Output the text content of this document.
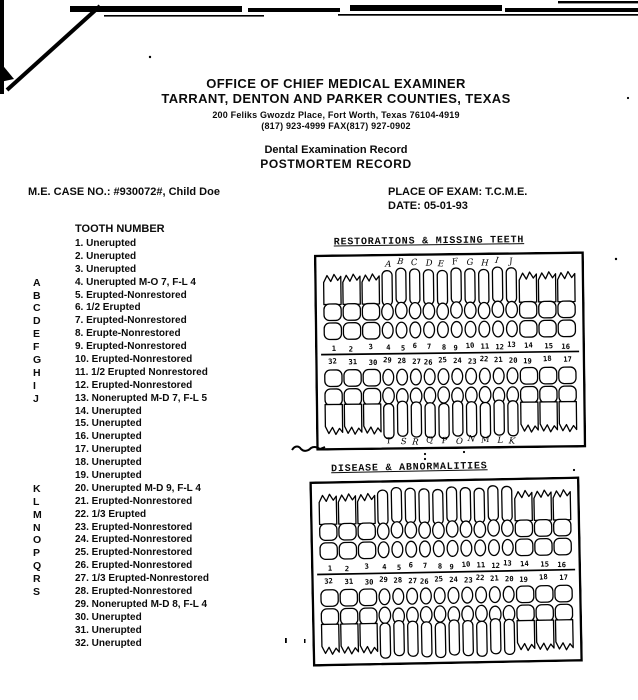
OFFICE OF CHIEF MEDICAL EXAMINER
TARRANT, DENTON AND PARKER COUNTIES, TEXAS
200 Feliks Gwozdz Place, Fort Worth, Texas 76104-4919
(817) 923-4999 FAX(817) 927-0902
Dental Examination Record
POSTMORTEM RECORD
M.E. CASE NO.: #930072#, Child Doe	PLACE OF EXAM: T.C.M.E.
DATE: 05-01-93
TOOTH NUMBER
1. Unerupted
2. Unerupted
3. Unerupted
A	4. Unerupted M-O 7, F-L 4
B	5. Erupted-Nonrestored
C	6. 1/2 Erupted
D	7. Erupted-Nonrestored
E	8. Erupte-Nonrestored
F	9. Erupted-Nonrestored
G	10. Erupted-Nonrestored
H	11. 1/2 Erupted Nonrestored
I	12. Erupted-Nonrestored
J	13. Nonerupted M-D 7, F-L 5
14. Unerupted
15. Unerupted
16. Unerupted
17. Unerupted
18. Unerupted
19. Unerupted
K	20. Unerupted M-D 9, F-L 4
L	21. Erupted-Nonrestored
M	22. 1/3 Erupted
N	23. Erupted-Nonrestored
O	24. Erupted-Nonrestored
P	25. Erupted-Nonrestored
Q	26. Erupted-Nonrestored
R	27. 1/3 Erupted-Nonrestored
S	28. Erupted-Nonrestored
29. Nonerupted M-D 8, F-L 4
30. Unerupted
31. Unerupted
32. Unerupted
RESTORATIONS & MISSING TEETH
1
32
2
31
3
30
4
29
5
28
6
27
7
26
8
25
9
24
10
23
11
22
12
21
13
20
14
19
15
18
16
17
A B C D E F G H I J
T S R Q P O N M L K
DISEASE & ABNORMALITIES
1
32
2
31
3
30
4
29
5
28
6
27
7
26
8
25
9
24
10
23
11
22
12
21
13
20
14
19
15
18
16
17
